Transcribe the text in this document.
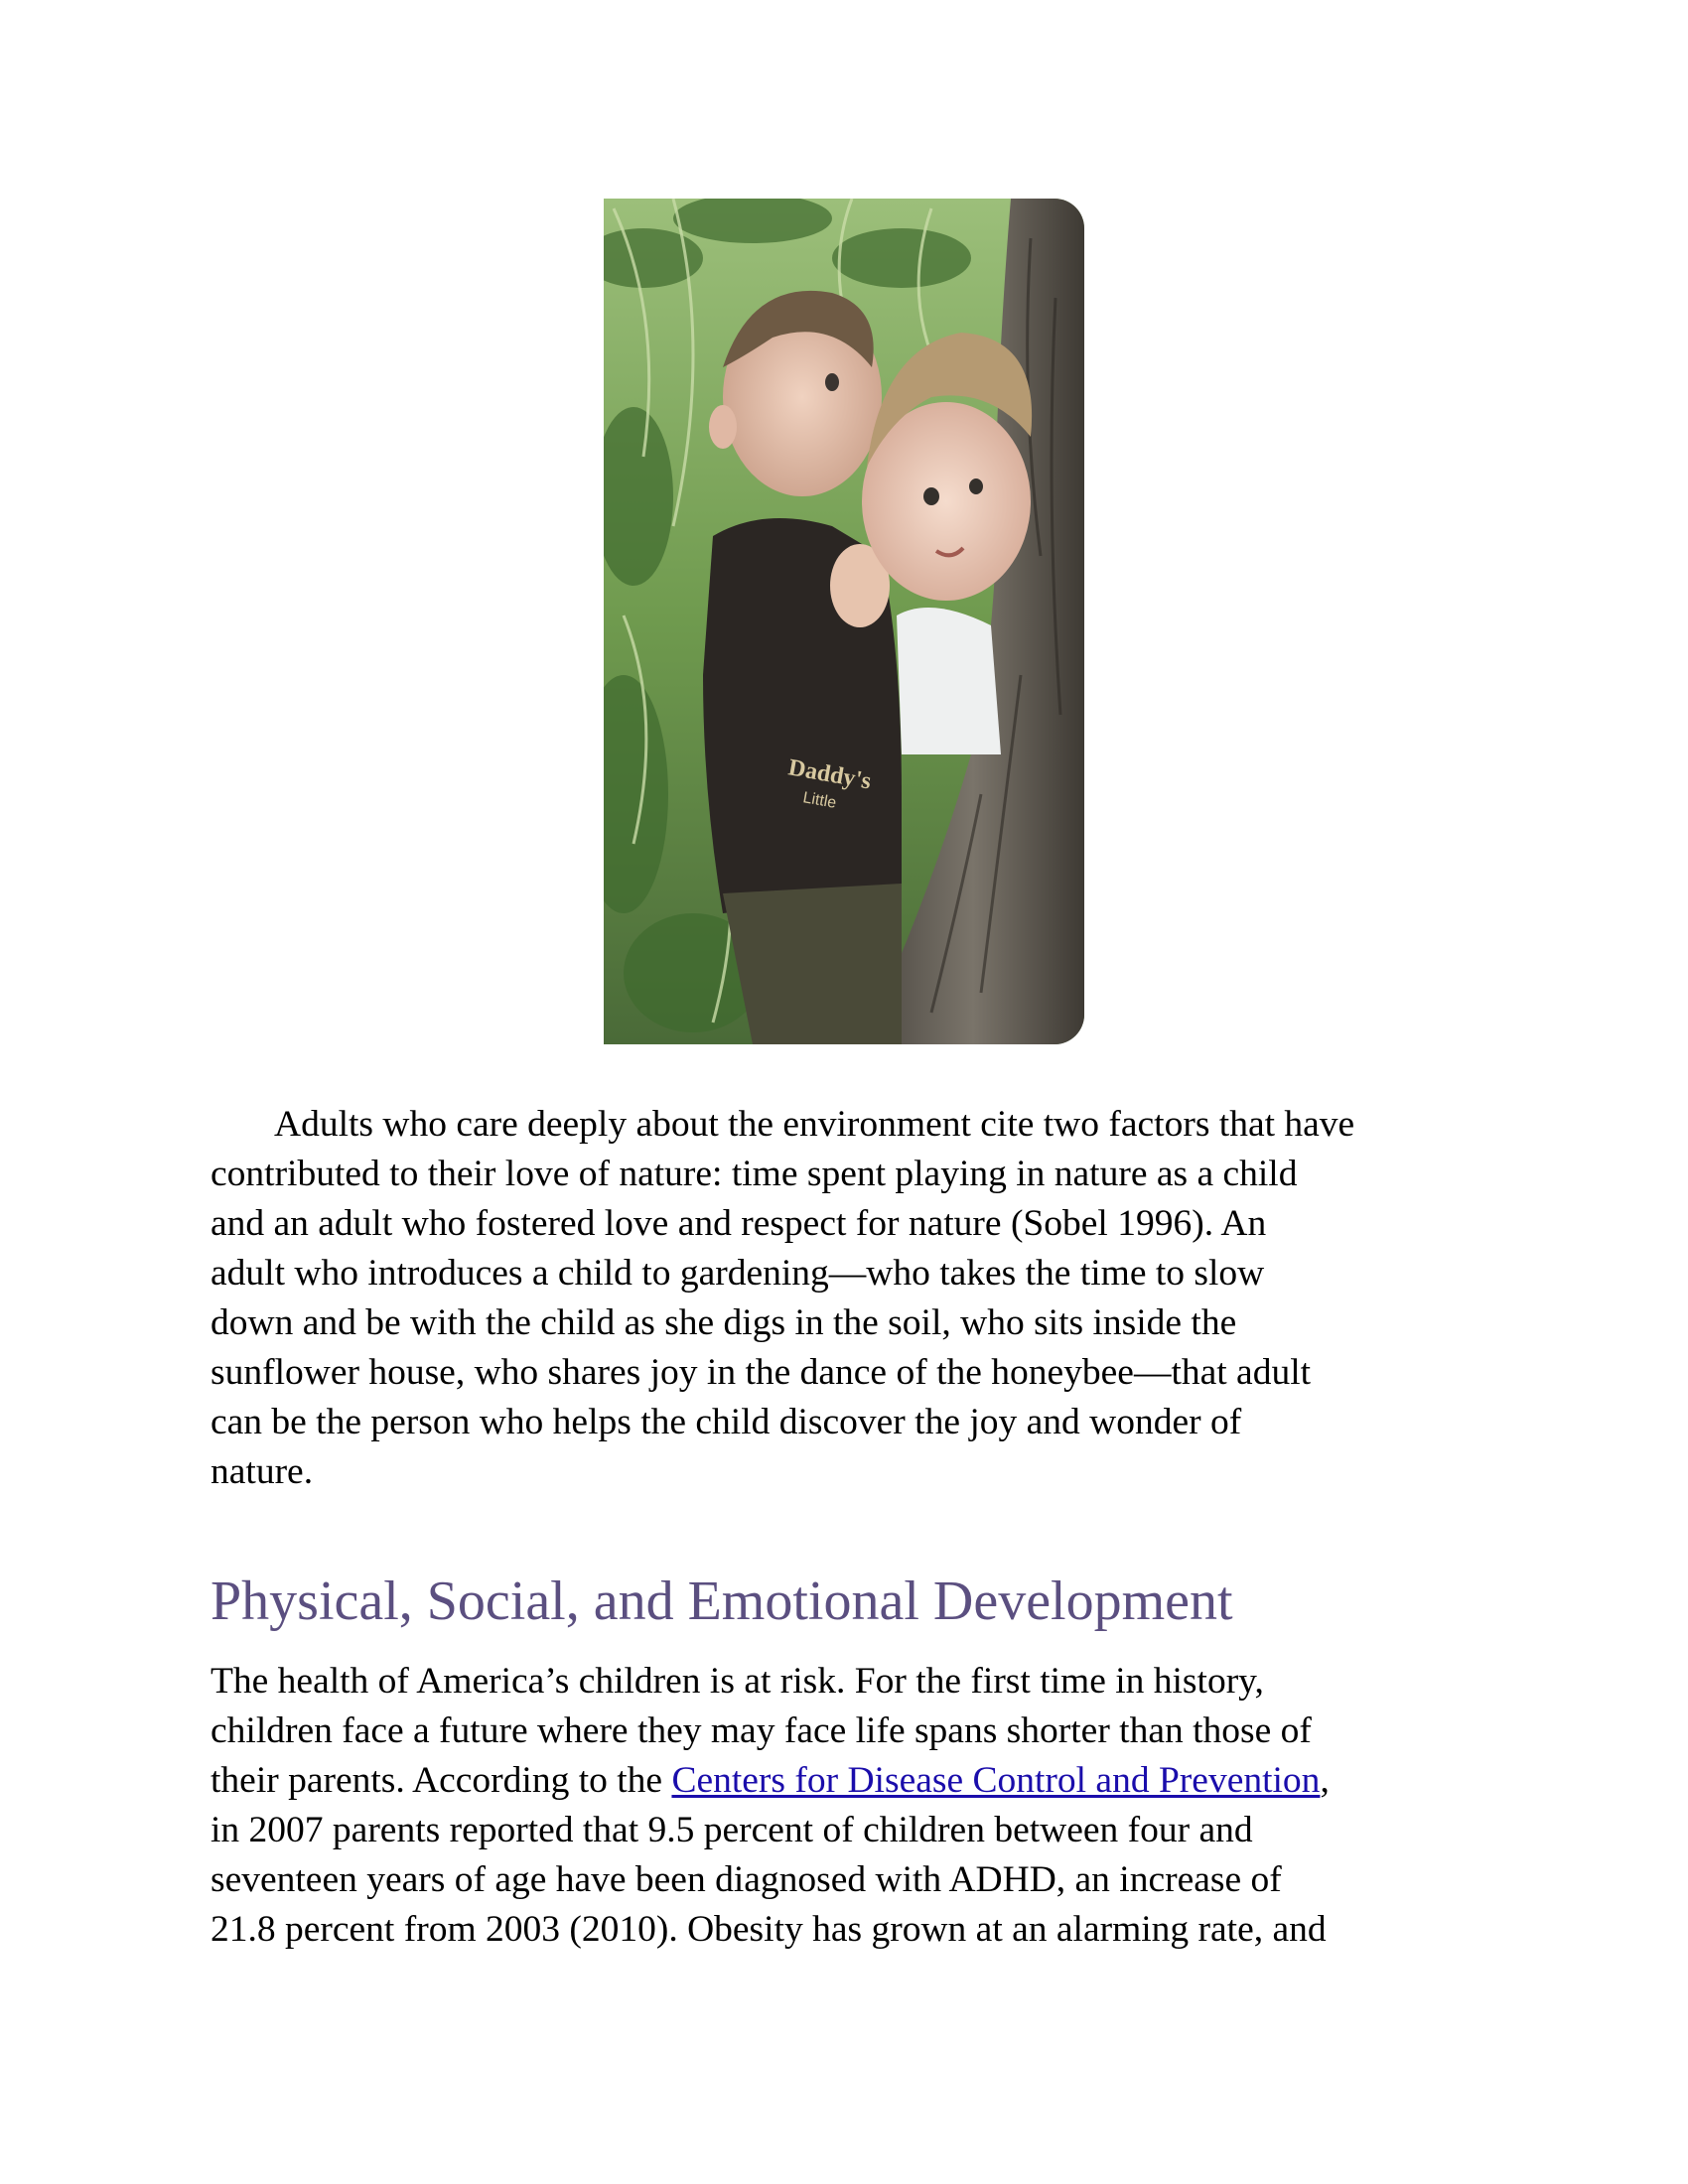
Daddy's
Little
Adults who care deeply about the environment cite two factors that have
contributed to their love of nature: time spent playing in nature as a child
and an adult who fostered love and respect for nature (Sobel 1996). An
adult who introduces a child to gardening—who takes the time to slow
down and be with the child as she digs in the soil, who sits inside the
sunflower house, who shares joy in the dance of the honeybee—that adult
can be the person who helps the child discover the joy and wonder of
nature.
Physical, Social, and Emotional Development
The health of America’s children is at risk. For the first time in history,
children face a future where they may face life spans shorter than those of
their parents. According to the Centers for Disease Control and Prevention,
in 2007 parents reported that 9.5 percent of children between four and
seventeen years of age have been diagnosed with ADHD, an increase of
21.8 percent from 2003 (2010). Obesity has grown at an alarming rate, and
